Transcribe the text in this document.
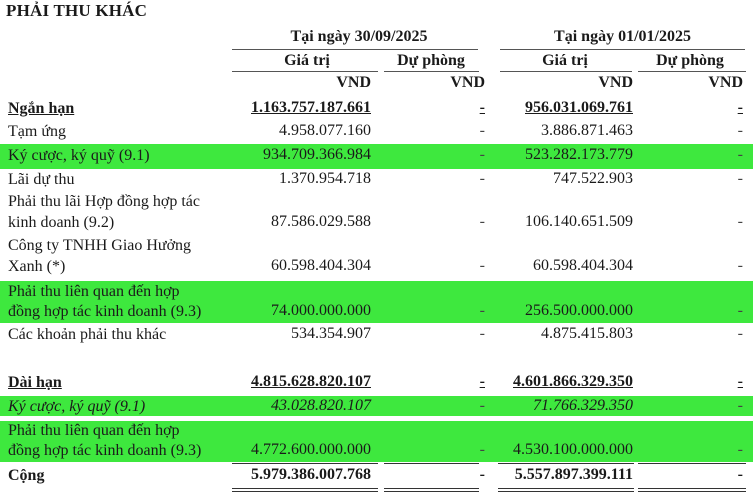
PHẢI THU KHÁC
Tại ngày 30/09/2025	Tại ngày 01/01/2025
Giá trị	Dự phòng	Giá trị	Dự phòng
VND	VND	VND	VND
Ngắn hạn	1.163.757.187.661	-	956.031.069.761	-
Tạm ứng	4.958.077.160	-	3.886.871.463	-
Ký cược, ký quỹ (9.1)	934.709.366.984	-	523.282.173.779	-
Lãi dự thu	1.370.954.718	-	747.522.903	-
Phải thu lãi Hợp đồng hợp tác
kinh doanh (9.2)	87.586.029.588	-	106.140.651.509	-
Công ty TNHH Giao Hưởng
Xanh (*)	60.598.404.304	-	60.598.404.304	-
Phải thu liên quan đến hợp
đồng hợp tác kinh doanh (9.3)	74.000.000.000	-	256.500.000.000	-
Các khoản phải thu khác	534.354.907	-	4.875.415.803	-
Dài hạn	4.815.628.820.107	- 4.601.866.329.350	-
Ký cược, ký quỹ (9.1)	43.028.820.107	-	71.766.329.350	-
Phải thu liên quan đến hợp
đồng hợp tác kinh doanh (9.3)	4.772.600.000.000	- 4.530.100.000.000	-
Cộng	5.979.386.007.768	- 5.557.897.399.111	-
